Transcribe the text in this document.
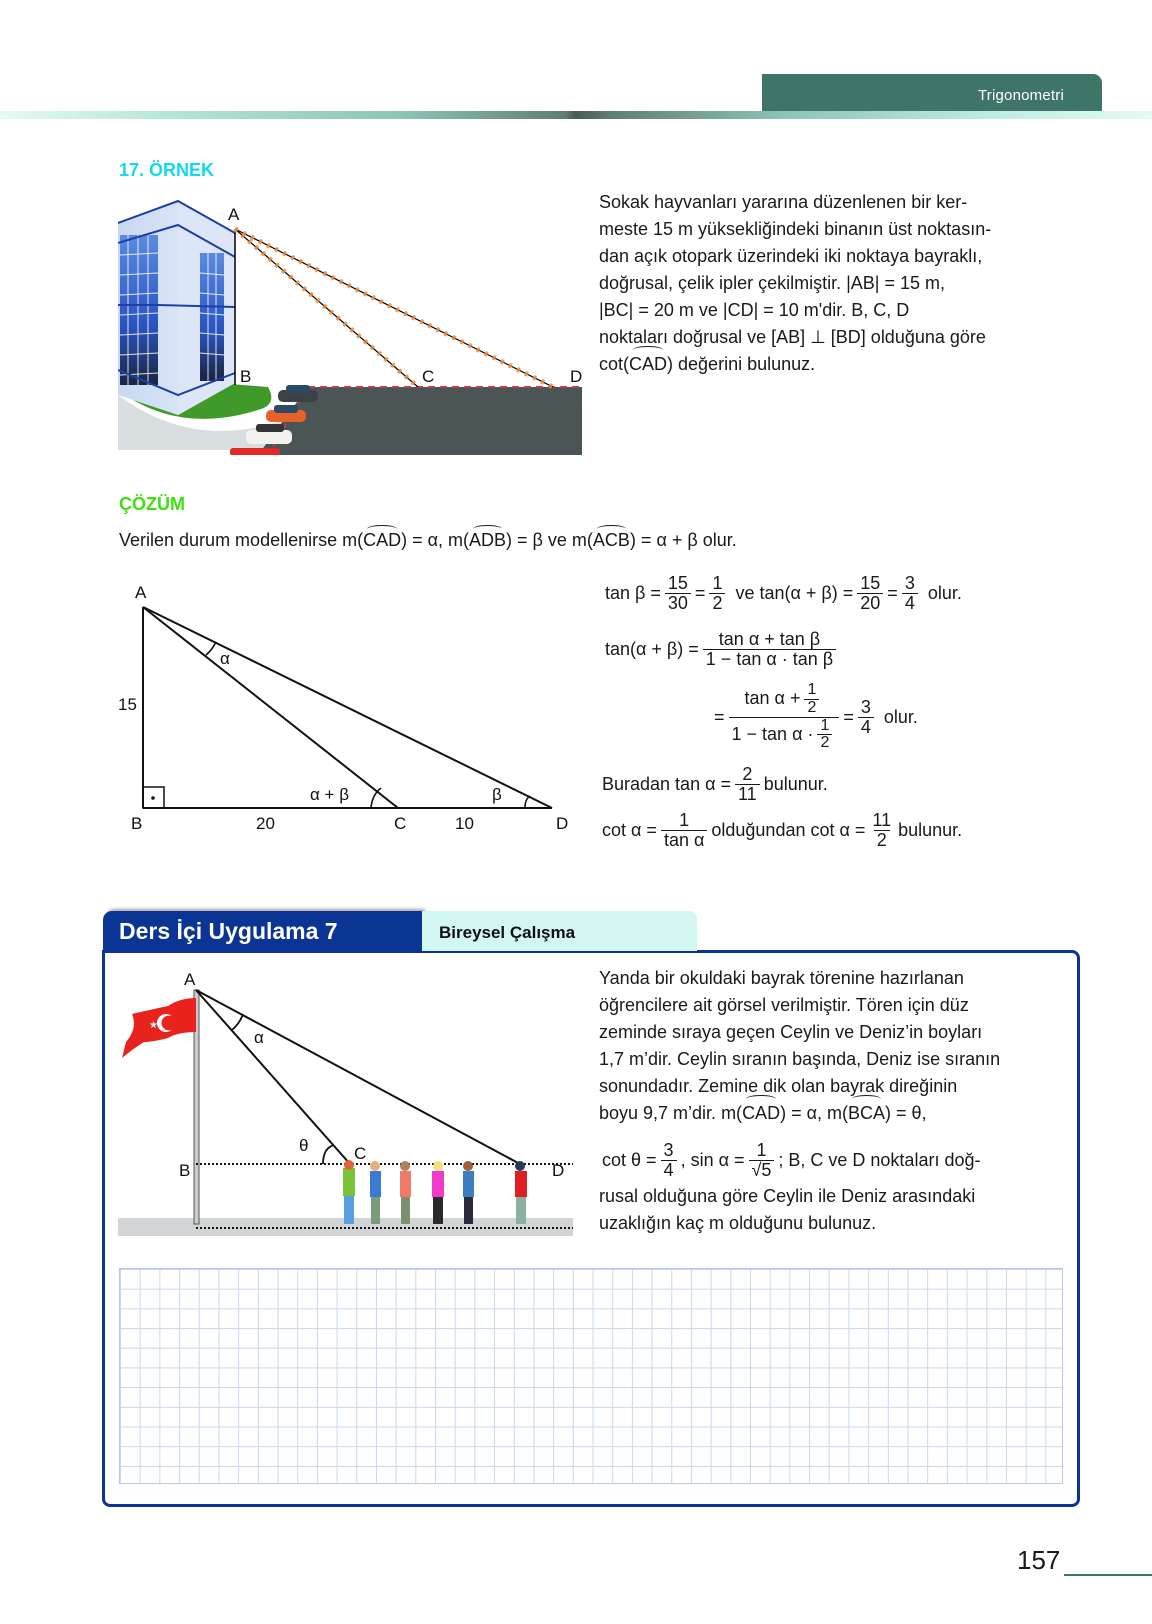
Trigonometri
17. ÖRNEK
A
B	C	D
Sokak hayvanları yararına düzenlenen bir ker-
meste 15 m yüksekliğindeki binanın üst noktasın-
dan açık otopark üzerindeki iki noktaya bayraklı,
doğrusal, çelik ipler çekilmiştir. |AB| = 15 m,
|BC| = 20 m ve |CD| = 10 m'dir. B, C, D
noktaları doğrusal ve [AB] ⊥ [BD] olduğuna göre
cot(CAD) değerini bulunuz.
ÇÖZÜM
Verilen durum modellenirse m(CAD) = α, m(ADB) = β ve m(ACB) = α + β olur.
A
B	C	D
15
20	10
α
α + β	β
$\tan \beta = \frac{15}{30} = \frac{1}{2}$ ve $\tan(\alpha + \beta) = \frac{15}{20} = \frac{3}{4}$ olur.
$\tan(\alpha + \beta) = \frac{\text{tan α + tan β}}{\text{1 − tan α · tan β}}$
= $\frac{\tan \alpha + \frac{1}{2}}{1 - \tan \alpha \cdot \frac{1}{2}} = \frac{3}{4}$ olur.
Buradan $\tan \alpha = \frac{2}{11}$ bulunur.
$\cot \alpha = \frac{1}{\text{tan α}}$ olduğundan $\cot \alpha = \frac{11}{2}$ bulunur.
Ders İçi Uygulama 7	Bireysel Çalışma
★
A
B
C
D
α
θ
Yanda bir okuldaki bayrak törenine hazırlanan
öğrencilere ait görsel verilmiştir. Tören için düz
zeminde sıraya geçen Ceylin ve Deniz’in boyları
1,7 m’dir. Ceylin sıranın başında, Deniz ise sıranın
sonundadır. Zemine dik olan bayrak direğinin
boyu 9,7 m’dir. m(CAD) = α, m(BCA) = θ,
$\cot \theta = \frac{3}{4}$ , $\sin \alpha = \frac{1}{√5}$ ; B, C ve D noktaları doğ-
rusal olduğuna göre Ceylin ile Deniz arasındaki
uzaklığın kaç m olduğunu bulunuz.
157
